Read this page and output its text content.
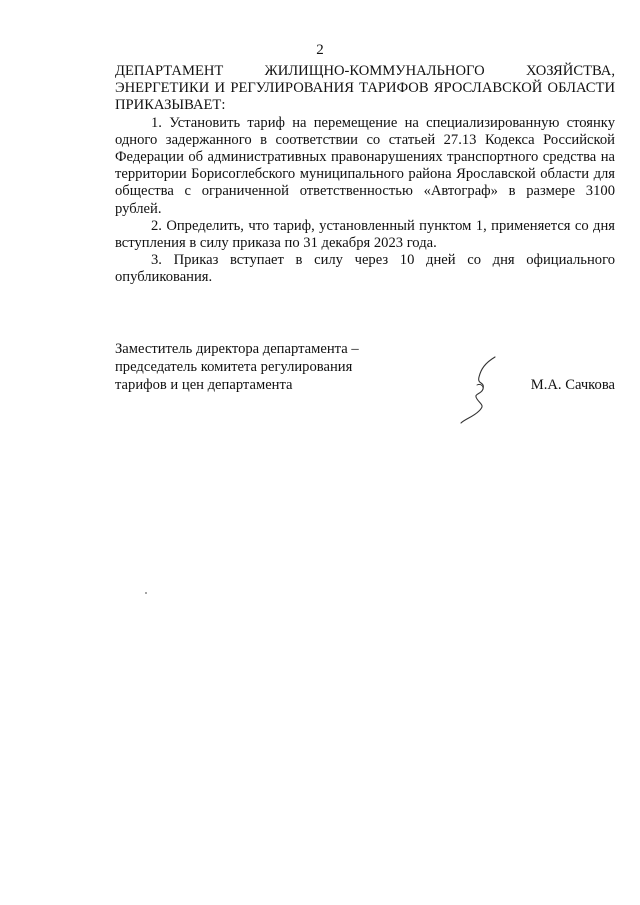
2

ДЕПАРТАМЕНТ ЖИЛИЩНО-КОММУНАЛЬНОГО ХОЗЯЙСТВА, ЭНЕРГЕТИКИ И РЕГУЛИРОВАНИЯ ТАРИФОВ ЯРОСЛАВСКОЙ ОБЛАСТИ ПРИКАЗЫВАЕТ:

1. Установить тариф на перемещение на специализированную стоянку одного задержанного в соответствии со статьей 27.13 Кодекса Российской Федерации об административных правонарушениях транспортного средства на территории Борисоглебского муниципального района Ярославской области для общества с ограниченной ответственностью «Автограф» в размере 3100 рублей.

2. Определить, что тариф, установленный пунктом 1, применяется со дня вступления в силу приказа по 31 декабря 2023 года.

3. Приказ вступает в силу через 10 дней со дня официального опубликования.

Заместитель директора департамента –
председатель комитета регулирования
тарифов и цен департамента	М.А. Сачкова
